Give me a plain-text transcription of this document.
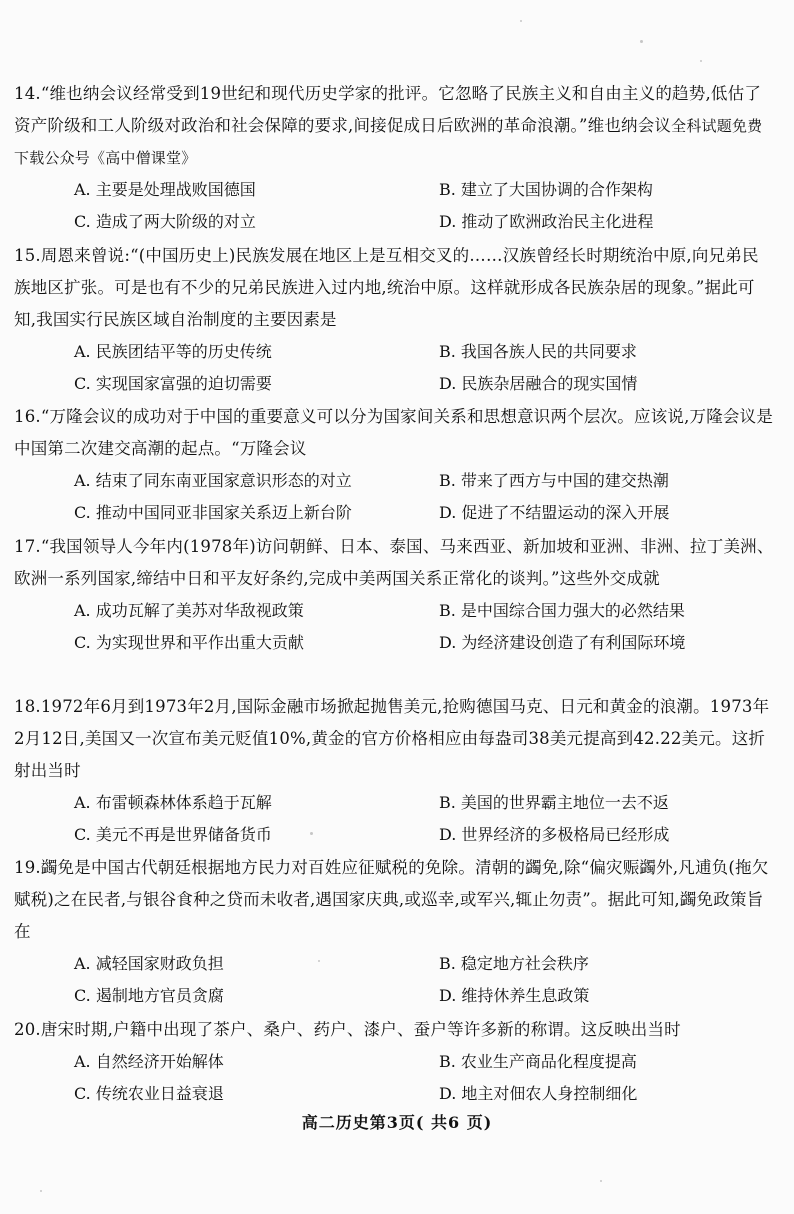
14.“维也纳会议经常受到19世纪和现代历史学家的批评。它忽略了民族主义和自由主义的趋势,低估了资产阶级和工人阶级对政治和社会保障的要求,间接促成日后欧洲的革命浪潮。”维也纳会议全科试题免费下载公众号《高中僧课堂》

A. 主要是处理战败国德国	B. 建立了大国协调的合作架构
C. 造成了两大阶级的对立	D. 推动了欧洲政治民主化进程

15.周恩来曾说:“(中国历史上)民族发展在地区上是互相交叉的……汉族曾经长时期统治中原,向兄弟民族地区扩张。可是也有不少的兄弟民族进入过内地,统治中原。这样就形成各民族杂居的现象。”据此可知,我国实行民族区域自治制度的主要因素是

A. 民族团结平等的历史传统	B. 我国各族人民的共同要求
C. 实现国家富强的迫切需要	D. 民族杂居融合的现实国情

16.“万隆会议的成功对于中国的重要意义可以分为国家间关系和思想意识两个层次。应该说,万隆会议是中国第二次建交高潮的起点。“万隆会议

A. 结束了同东南亚国家意识形态的对立	B. 带来了西方与中国的建交热潮
C. 推动中国同亚非国家关系迈上新台阶	D. 促进了不结盟运动的深入开展

17.“我国领导人今年内(1978年)访问朝鲜、日本、泰国、马来西亚、新加坡和亚洲、非洲、拉丁美洲、欧洲一系列国家,缔结中日和平友好条约,完成中美两国关系正常化的谈判。”这些外交成就

A. 成功瓦解了美苏对华敌视政策	B. 是中国综合国力强大的必然结果
C. 为实现世界和平作出重大贡献	D. 为经济建设创造了有利国际环境

18.1972年6月到1973年2月,国际金融市场掀起抛售美元,抢购德国马克、日元和黄金的浪潮。1973年2月12日,美国又一次宣布美元贬值10%,黄金的官方价格相应由每盎司38美元提高到42.22美元。这折射出当时

A. 布雷顿森林体系趋于瓦解	B. 美国的世界霸主地位一去不返
C. 美元不再是世界储备货币	D. 世界经济的多极格局已经形成

19.蠲免是中国古代朝廷根据地方民力对百姓应征赋税的免除。清朝的蠲免,除“偏灾赈蠲外,凡逋负(拖欠赋税)之在民者,与银谷食种之贷而未收者,遇国家庆典,或巡幸,或军兴,辄止勿责”。据此可知,蠲免政策旨在

A. 减轻国家财政负担	B. 稳定地方社会秩序
C. 遏制地方官员贪腐	D. 维持休养生息政策

20.唐宋时期,户籍中出现了茶户、桑户、药户、漆户、蚕户等许多新的称谓。这反映出当时

A. 自然经济开始解体	B. 农业生产商品化程度提高
C. 传统农业日益衰退	D. 地主对佃农人身控制细化
高二历史第3页( 共6 页)
